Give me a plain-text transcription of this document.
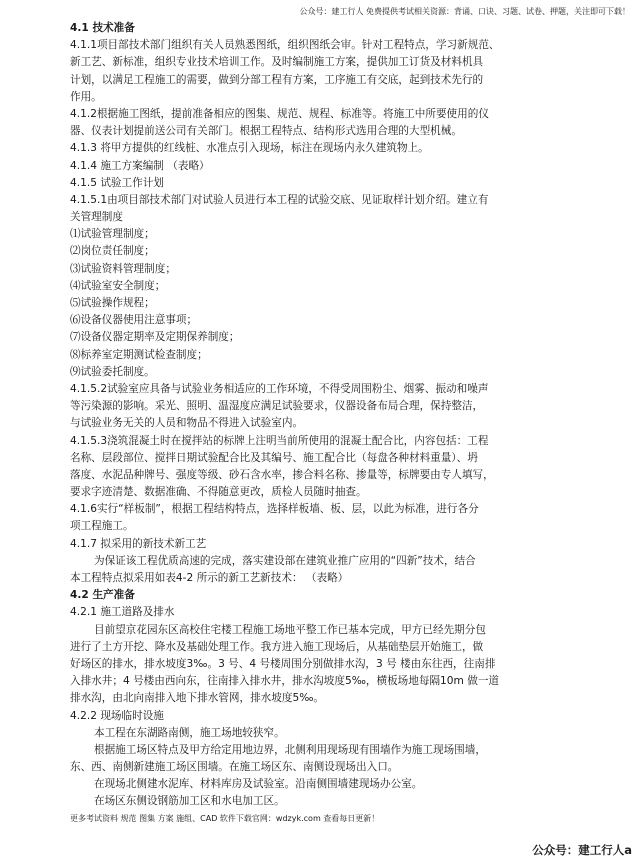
公众号：建工行人 免费提供考试相关资源：背诵、口诀、习题、试卷、押题，关注即可下载！

4.1 技术准备

4.1.1项目部技术部门组织有关人员熟悉图纸，组织图纸会审。针对工程特点，学习新规范、

新工艺、新标准，组织专业技术培训工作。及时编制施工方案，提供加工订货及材料机具

计划，以满足工程施工的需要，做到分部工程有方案，工序施工有交底，起到技术先行的

作用。

4.1.2根据施工图纸，提前准备相应的图集、规范、规程、标准等。将施工中所要使用的仪

器、仪表计划提前送公司有关部门。根据工程特点、结构形式选用合理的大型机械。

4.1.3 将甲方提供的红线桩、水准点引入现场，标注在现场内永久建筑物上。

4.1.4 施工方案编制 （表略）

4.1.5 试验工作计划

4.1.5.1由项目部技术部门对试验人员进行本工程的试验交底、见证取样计划介绍。建立有

关管理制度

⑴试验管理制度；

⑵岗位责任制度；

⑶试验资料管理制度；

⑷试验室安全制度；

⑸试验操作规程；

⑹设备仪器使用注意事项；

⑺设备仪器定期率及定期保养制度；

⑻标养室定期测试检查制度；

⑼试验委托制度。

4.1.5.2试验室应具备与试验业务相适应的工作环境，不得受周围粉尘、烟雾、振动和噪声

等污染源的影响。采光、照明、温湿度应满足试验要求，仪器设备布局合理，保持整洁，

与试验业务无关的人员和物品不得进入试验室内。

4.1.5.3浇筑混凝土时在搅拌站的标牌上注明当前所使用的混凝土配合比，内容包括：工程

名称、层段部位、搅拌日期试验配合比及其编号、施工配合比（每盘各种材料重量）、坍

落度、水泥品种牌号、强度等级、砂石含水率，掺合料名称、掺量等，标牌要由专人填写，

要求字迹清楚、数据准确、不得随意更改，质检人员随时抽查。

4.1.6实行“样板制”，根据工程结构特点，选择样板墙、板、层，以此为标准，进行各分

项工程施工。

4.1.7 拟采用的新技术新工艺

为保证该工程优质高速的完成，落实建设部在建筑业推广应用的“四新”技术，结合

本工程特点拟采用如表4-2 所示的新工艺新技术： （表略）

4.2 生产准备

4.2.1 施工道路及排水

目前望京花园东区高校住宅楼工程施工场地平整工作已基本完成，甲方已经先期分包

进行了土方开挖、降水及基础处理工作。我方进入施工现场后，从基础垫层开始施工，做

好场区的排水，排水坡度3‰。3 号、4 号楼周围分别做排水沟，3 号 楼由东往西，往南排

入排水井；4 号楼由西向东，往南排入排水井，排水沟坡度5‰，横板场地每隔10m 做一道

排水沟，由北向南排入地下排水管网，排水坡度5‰。

4.2.2 现场临时设施

本工程在东湖路南侧，施工场地较狭窄。

根据施工场区特点及甲方给定用地边界，北侧利用现场现有围墙作为施工现场围墙，

东、西、南侧新建施工场区围墙。在施工场区东、南侧设现场出入口。

在现场北侧建水泥库、材料库房及试验室。沿南侧围墙建现场办公室。

在场区东侧设钢筋加工区和水电加工区。

更多考试资料 规范 图集 方案 施组、CAD 软件下载官网：wdzyk.com 查看每日更新！
公众号：建工行人a
